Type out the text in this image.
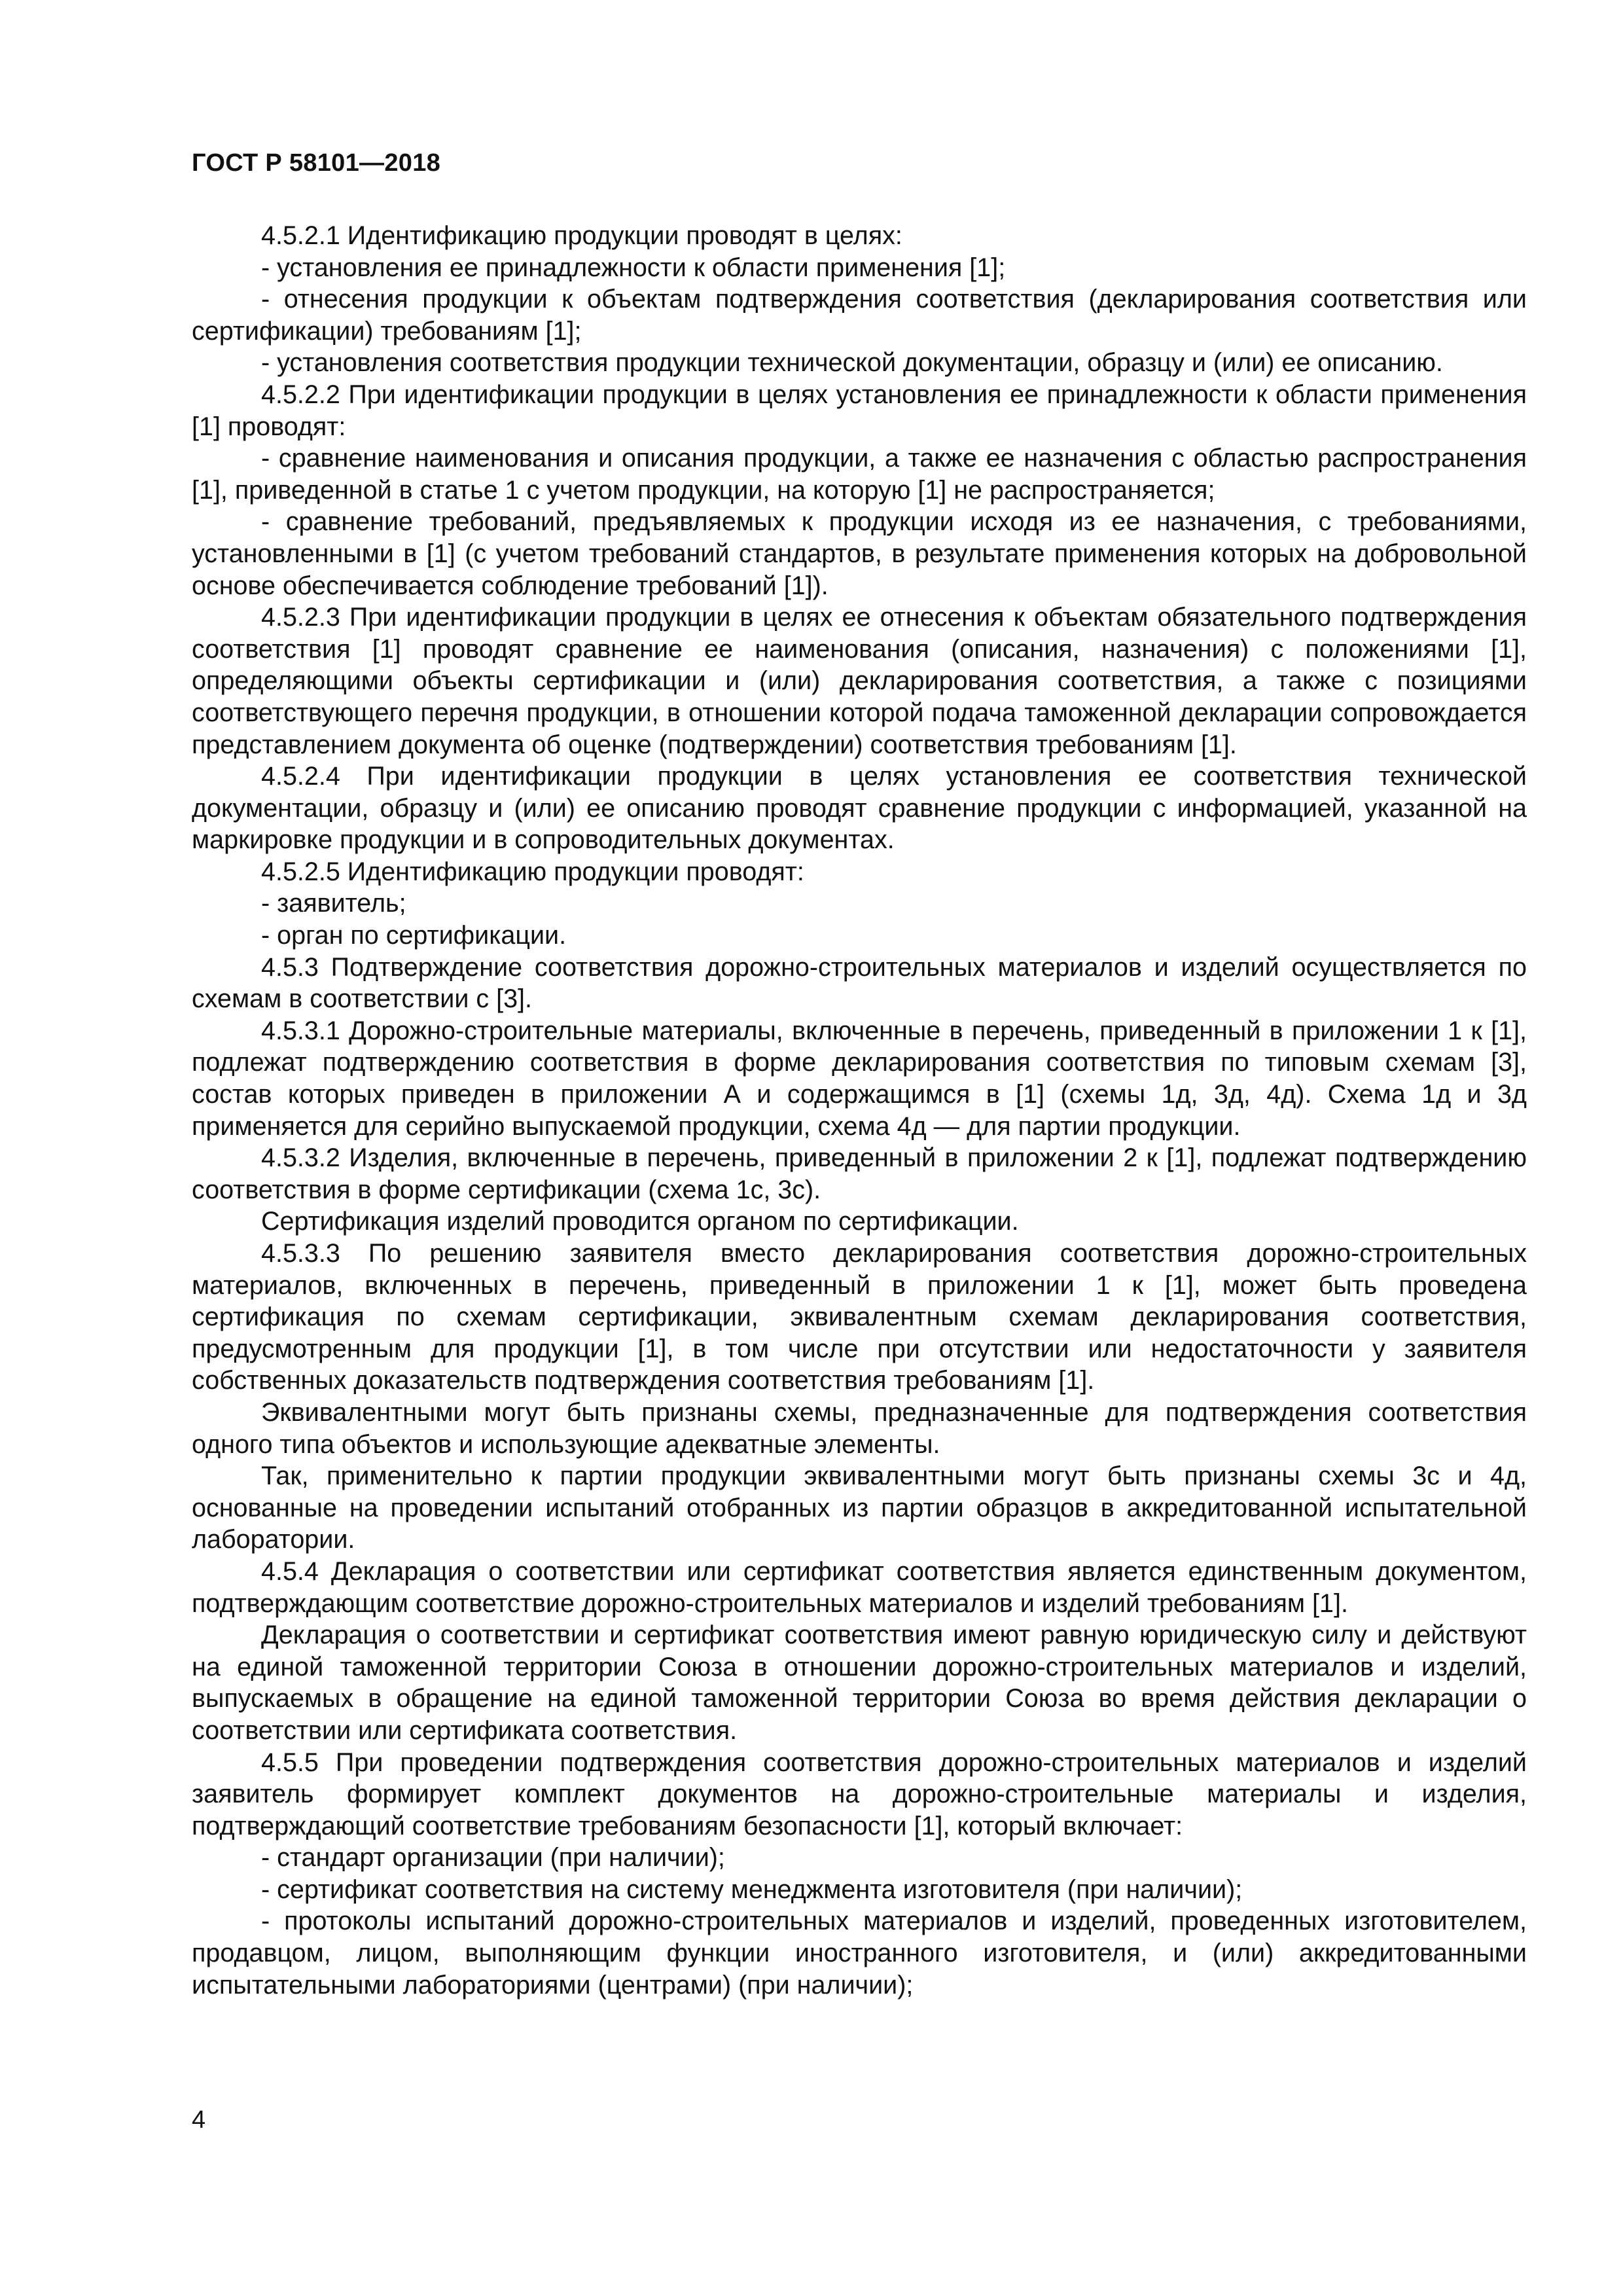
ГОСТ Р 58101—2018

4.5.2.1 Идентификацию продукции проводят в целях:

- установления ее принадлежности к области применения [1];

- отнесения продукции к объектам подтверждения соответствия (декларирования соответствия или сертификации) требованиям [1];

- установления соответствия продукции технической документации, образцу и (или) ее описанию.

4.5.2.2 При идентификации продукции в целях установления ее принадлежности к области применения [1] проводят:

- сравнение наименования и описания продукции, а также ее назначения с областью распространения [1], приведенной в статье 1 с учетом продукции, на которую [1] не распространяется;

- сравнение требований, предъявляемых к продукции исходя из ее назначения, с требованиями, установленными в [1] (с учетом требований стандартов, в результате применения которых на добровольной основе обеспечивается соблюдение требований [1]).

4.5.2.3 При идентификации продукции в целях ее отнесения к объектам обязательного подтверждения соответствия [1] проводят сравнение ее наименования (описания, назначения) с положениями [1], определяющими объекты сертификации и (или) декларирования соответствия, а также с позициями соответствующего перечня продукции, в отношении которой подача таможенной декларации сопровождается представлением документа об оценке (подтверждении) соответствия требованиям [1].

4.5.2.4 При идентификации продукции в целях установления ее соответствия технической документации, образцу и (или) ее описанию проводят сравнение продукции с информацией, указанной на маркировке продукции и в сопроводительных документах.

4.5.2.5 Идентификацию продукции проводят:

- заявитель;

- орган по сертификации.

4.5.3 Подтверждение соответствия дорожно-строительных материалов и изделий осуществляется по схемам в соответствии с [3].

4.5.3.1 Дорожно-строительные материалы, включенные в перечень, приведенный в приложении 1 к [1], подлежат подтверждению соответствия в форме декларирования соответствия по типовым схемам [3], состав которых приведен в приложении А и содержащимся в [1] (схемы 1д, 3д, 4д). Схема 1д и 3д применяется для серийно выпускаемой продукции, схема 4д — для партии продукции.

4.5.3.2 Изделия, включенные в перечень, приведенный в приложении 2 к [1], подлежат подтверждению соответствия в форме сертификации (схема 1с, 3с).

Сертификация изделий проводится органом по сертификации.

4.5.3.3 По решению заявителя вместо декларирования соответствия дорожно-строительных материалов, включенных в перечень, приведенный в приложении 1 к [1], может быть проведена сертификация по схемам сертификации, эквивалентным схемам декларирования соответствия, предусмотренным для продукции [1], в том числе при отсутствии или недостаточности у заявителя собственных доказательств подтверждения соответствия требованиям [1].

Эквивалентными могут быть признаны схемы, предназначенные для подтверждения соответствия одного типа объектов и использующие адекватные элементы.

Так, применительно к партии продукции эквивалентными могут быть признаны схемы 3с и 4д, основанные на проведении испытаний отобранных из партии образцов в аккредитованной испытательной лаборатории.

4.5.4 Декларация о соответствии или сертификат соответствия является единственным документом, подтверждающим соответствие дорожно-строительных материалов и изделий требованиям [1].

Декларация о соответствии и сертификат соответствия имеют равную юридическую силу и действуют на единой таможенной территории Союза в отношении дорожно-строительных материалов и изделий, выпускаемых в обращение на единой таможенной территории Союза во время действия декларации о соответствии или сертификата соответствия.

4.5.5 При проведении подтверждения соответствия дорожно-строительных материалов и изделий заявитель формирует комплект документов на дорожно-строительные материалы и изделия, подтверждающий соответствие требованиям безопасности [1], который включает:

- стандарт организации (при наличии);

- сертификат соответствия на систему менеджмента изготовителя (при наличии);

- протоколы испытаний дорожно-строительных материалов и изделий, проведенных изготовителем, продавцом, лицом, выполняющим функции иностранного изготовителя, и (или) аккредитованными испытательными лабораториями (центрами) (при наличии);

4
